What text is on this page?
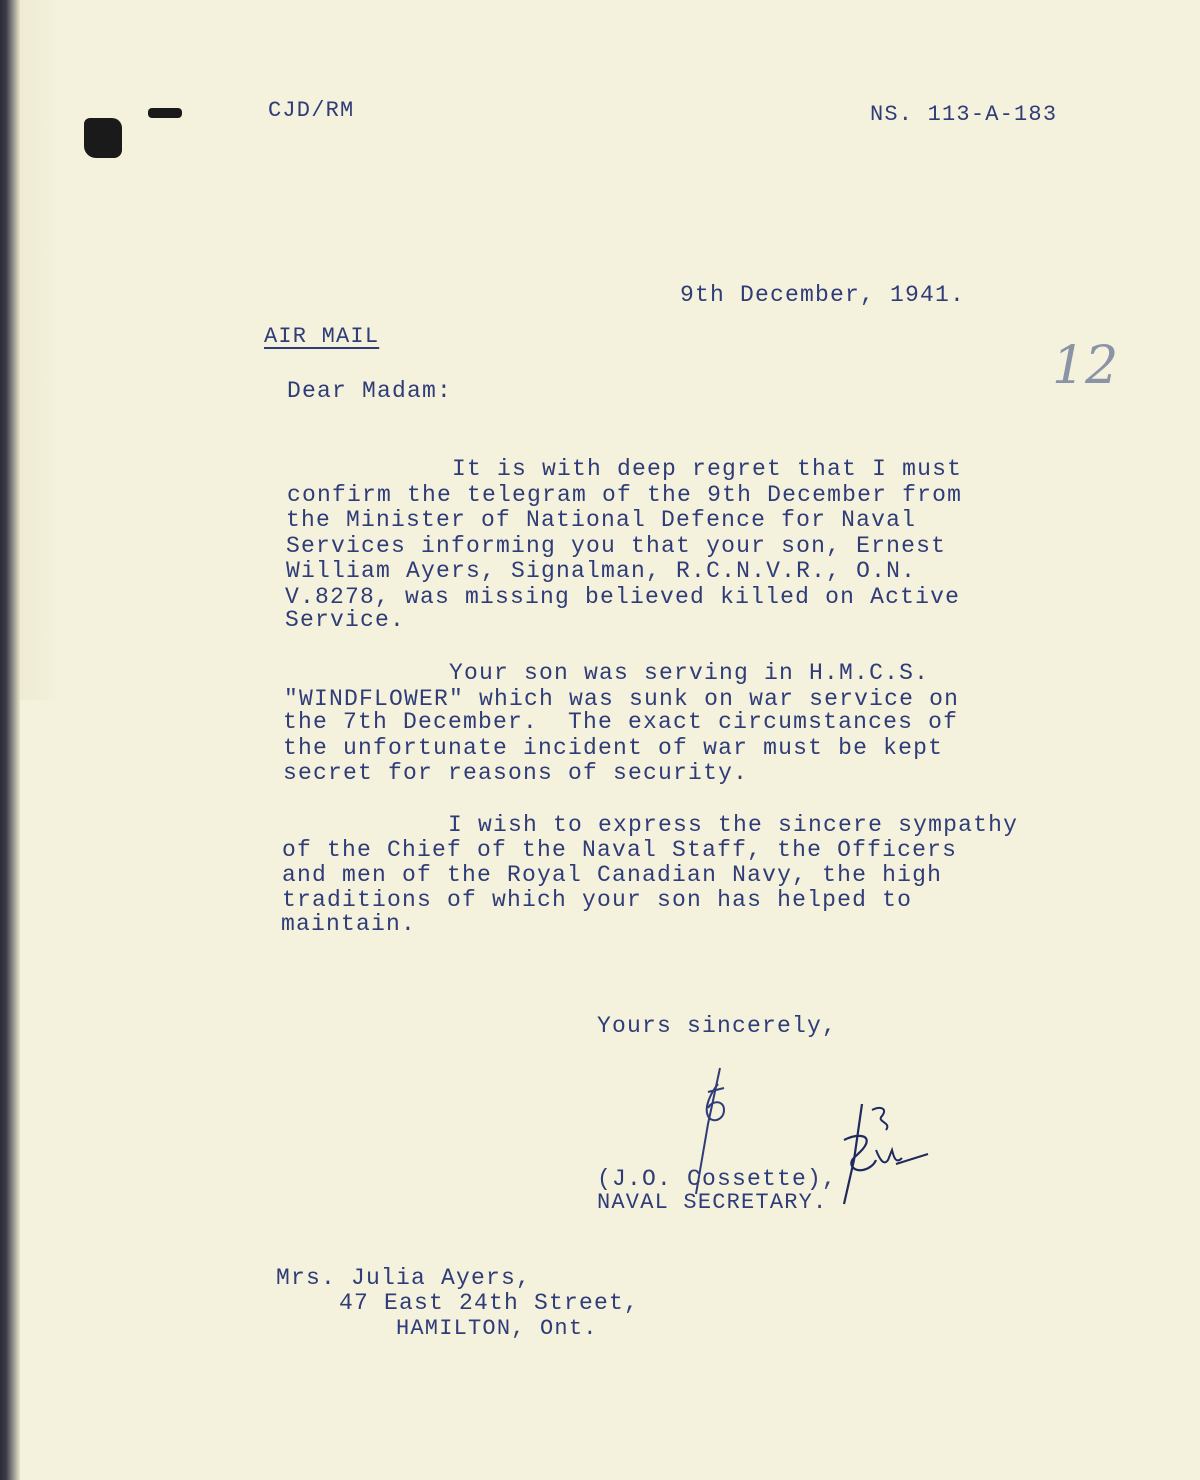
CJD/RM	NS. 113-A-183
9th December, 1941.
AIR MAIL	12
Dear Madam:
It is with deep regret that I must
confirm the telegram of the 9th December from
the Minister of National Defence for Naval
Services informing you that your son, Ernest
William Ayers, Signalman, R.C.N.V.R., O.N.
V.8278, was missing believed killed on Active
Service.
Your son was serving in H.M.C.S.
"WINDFLOWER" which was sunk on war service on
the 7th December.  The exact circumstances of
the unfortunate incident of war must be kept
secret for reasons of security.
I wish to express the sincere sympathy
of the Chief of the Naval Staff, the Officers
and men of the Royal Canadian Navy, the high
traditions of which your son has helped to
maintain.
Yours sincerely,
(J.O. Cossette),
NAVAL SECRETARY.
Mrs. Julia Ayers,
47 East 24th Street,
HAMILTON, Ont.
